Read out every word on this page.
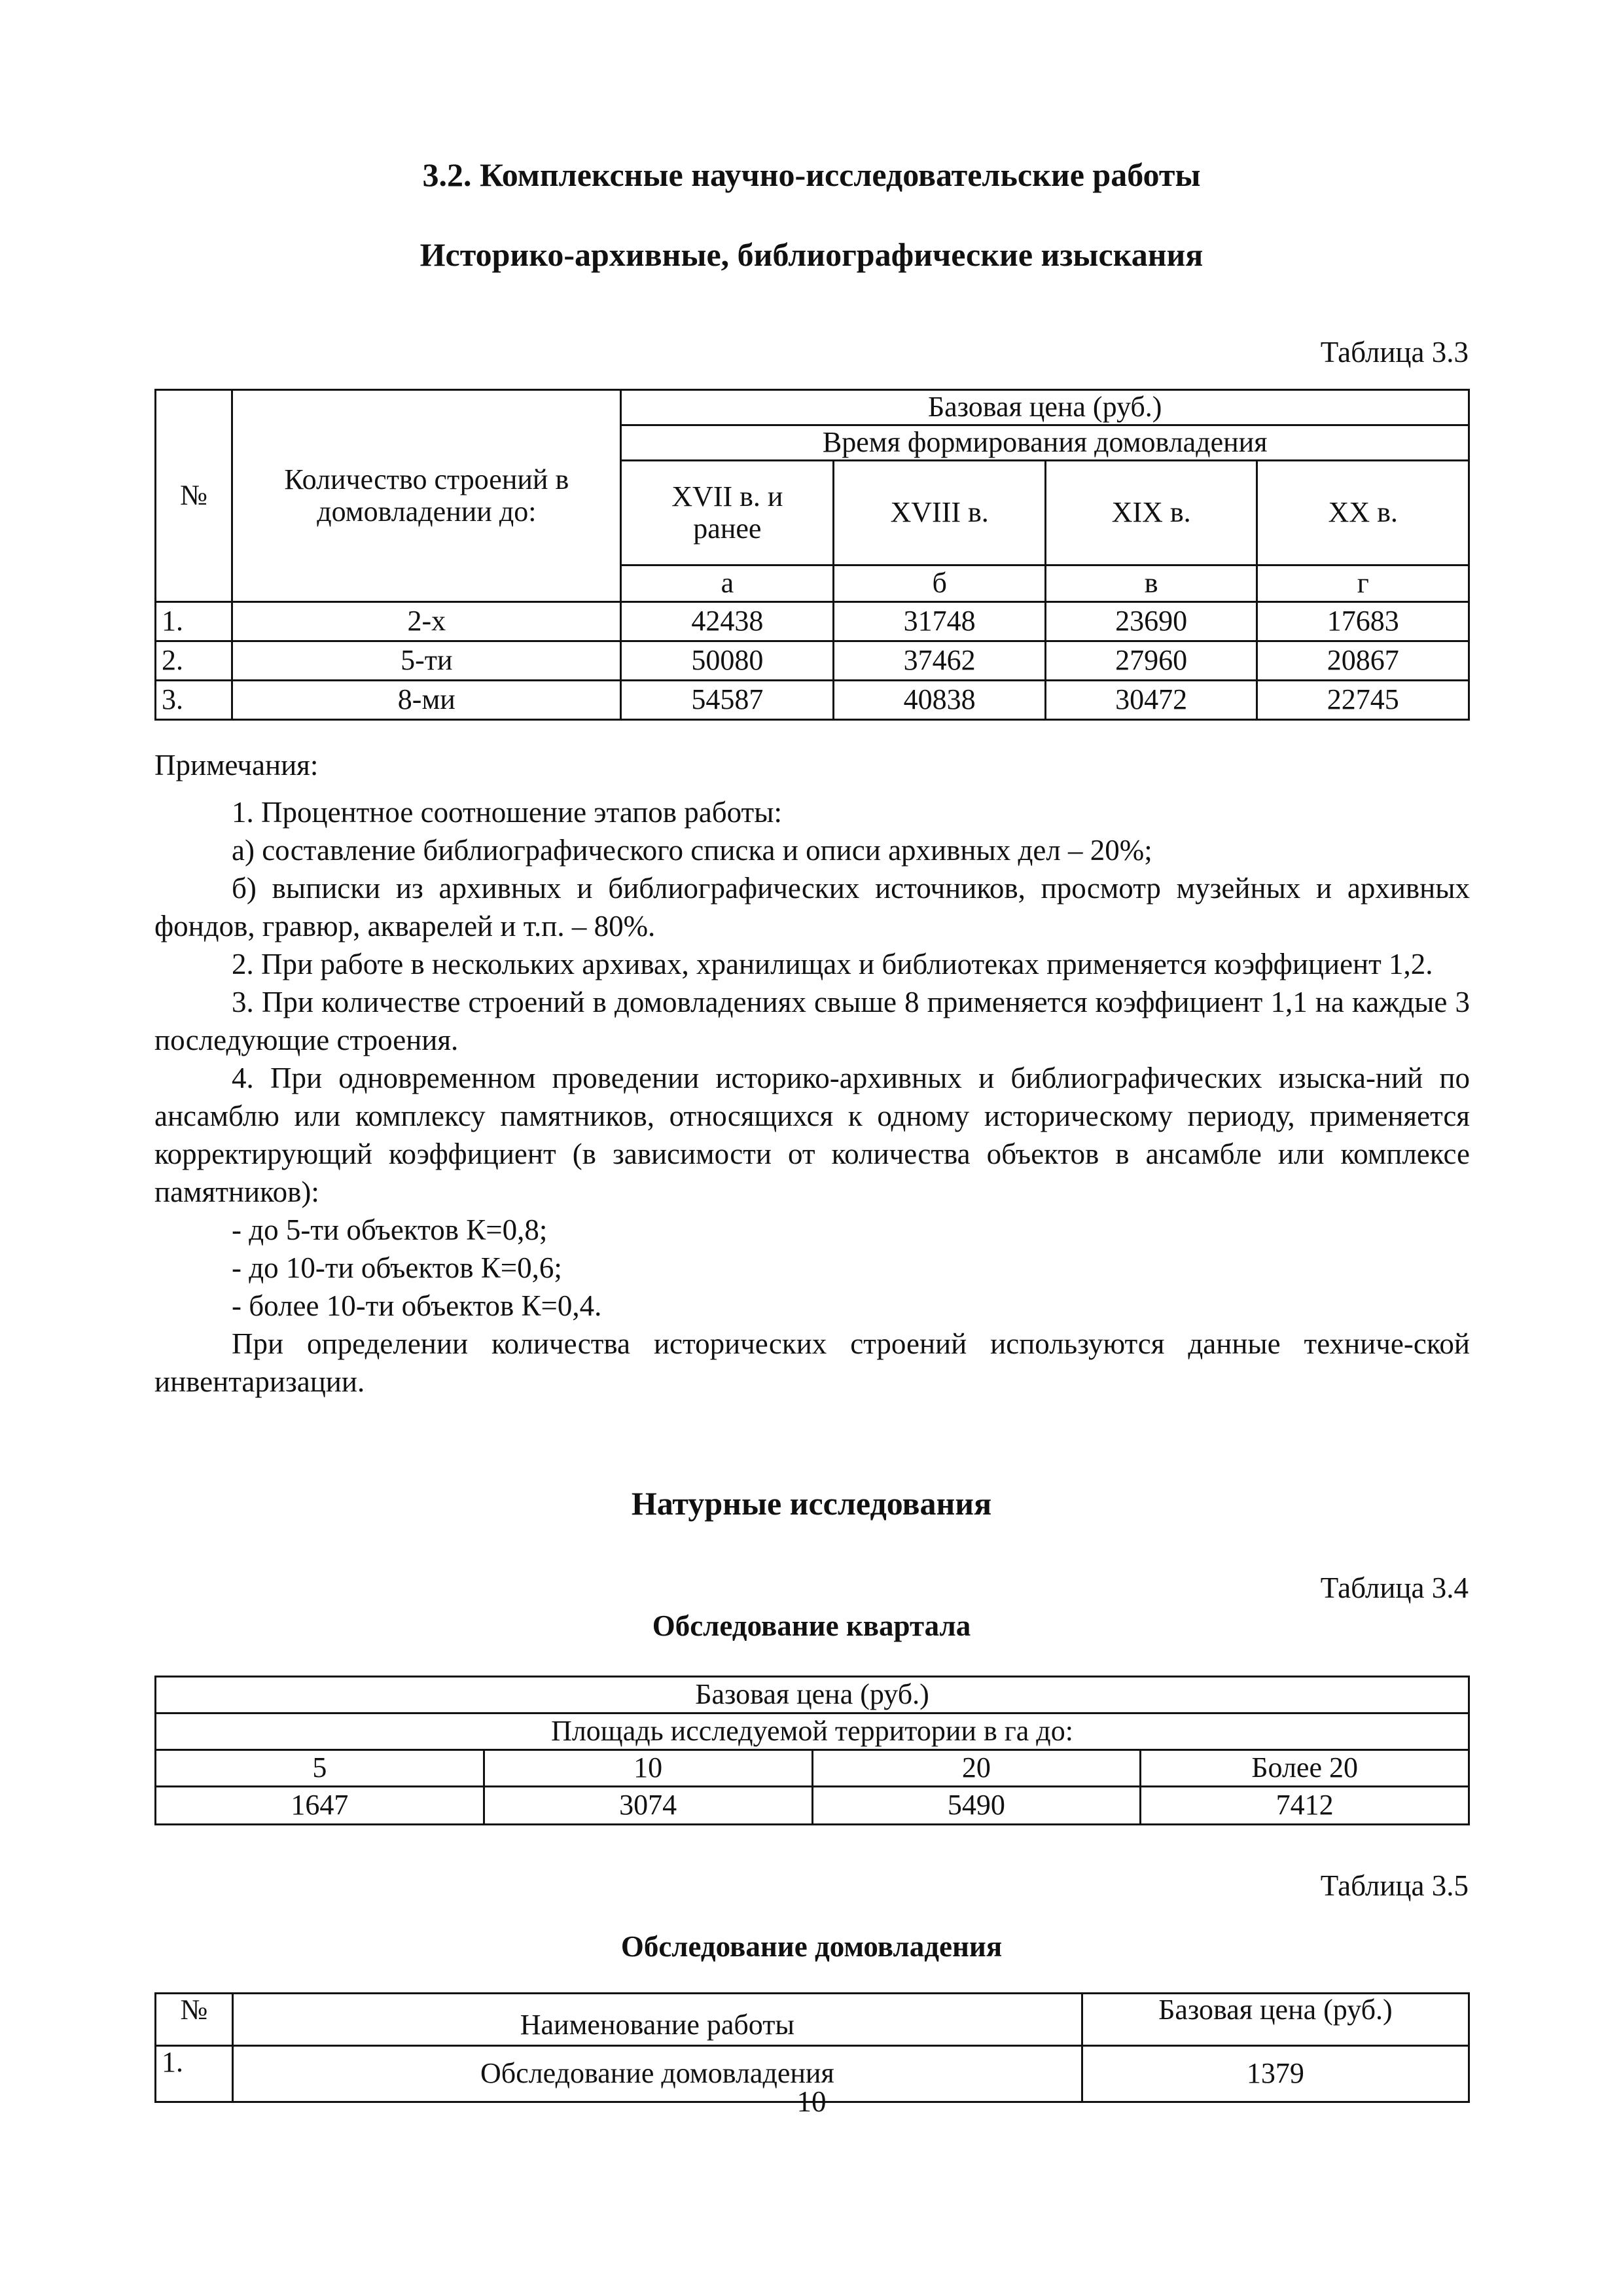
3.2. Комплексные научно-исследовательские работы
Историко-архивные, библиографические изыскания
Таблица 3.3
№	Количество строений в домовладении до:	Базовая цена (руб.)			
		Время формирования домовладения			
		XVII в. и ранее	XVIII в.	XIX в.	XX в.
		а	б	в	г
1.	2-х	42438	31748	23690	17683
2.	5-ти	50080	37462	27960	20867
3.	8-ми	54587	40838	30472	22745

Примечания:

1. Процентное соотношение этапов работы:

а) составление библиографического списка и описи архивных дел – 20%;

б) выписки из архивных и библиографических источников, просмотр музейных и архивных фондов, гравюр, акварелей и т.п. – 80%.

2. При работе в нескольких архивах, хранилищах и библиотеках применяется коэффициент 1,2.

3. При количестве строений в домовладениях свыше 8 применяется коэффициент 1,1 на каждые 3 последующие строения.

4. При одновременном проведении историко-архивных и библиографических изыска-ний по ансамблю или комплексу памятников, относящихся к одному историческому периоду, применяется корректирующий коэффициент (в зависимости от количества объектов в ансамбле или комплексе памятников):

- до 5-ти объектов К=0,8;

- до 10-ти объектов К=0,6;

- более 10-ти объектов К=0,4.

При определении количества исторических строений используются данные техниче-ской инвентаризации.

Натурные исследования
Таблица 3.4
Обследование квартала
Базовая цена (руб.)			
Площадь исследуемой территории в га до:			
5	10	20	Более 20
1647	3074	5490	7412
Таблица 3.5
Обследование домовладения
№	Наименование работы	Базовая цена (руб.)
1.	Обследование домовладения	1379
10
